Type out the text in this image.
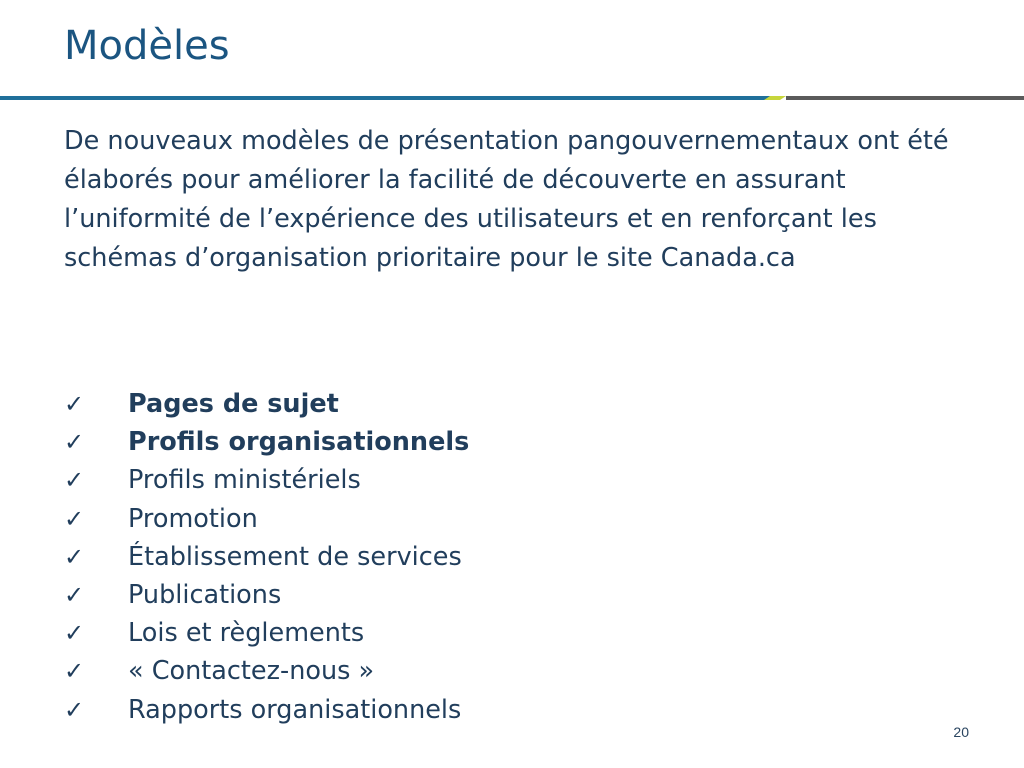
Modèles

De nouveaux modèles de présentation pangouvernementaux ont été élaborés pour améliorer la facilité de découverte en assurant l’uniformité de l’expérience des utilisateurs et en renforçant les schémas d’organisation prioritaire pour le site Canada.ca

✓	Pages de sujet
✓	Profils organisationnels
✓	Profils ministériels
✓	Promotion
✓	Établissement de services
✓	Publications
✓	Lois et règlements
✓	« Contactez-nous »
✓	Rapports organisationnels
20
